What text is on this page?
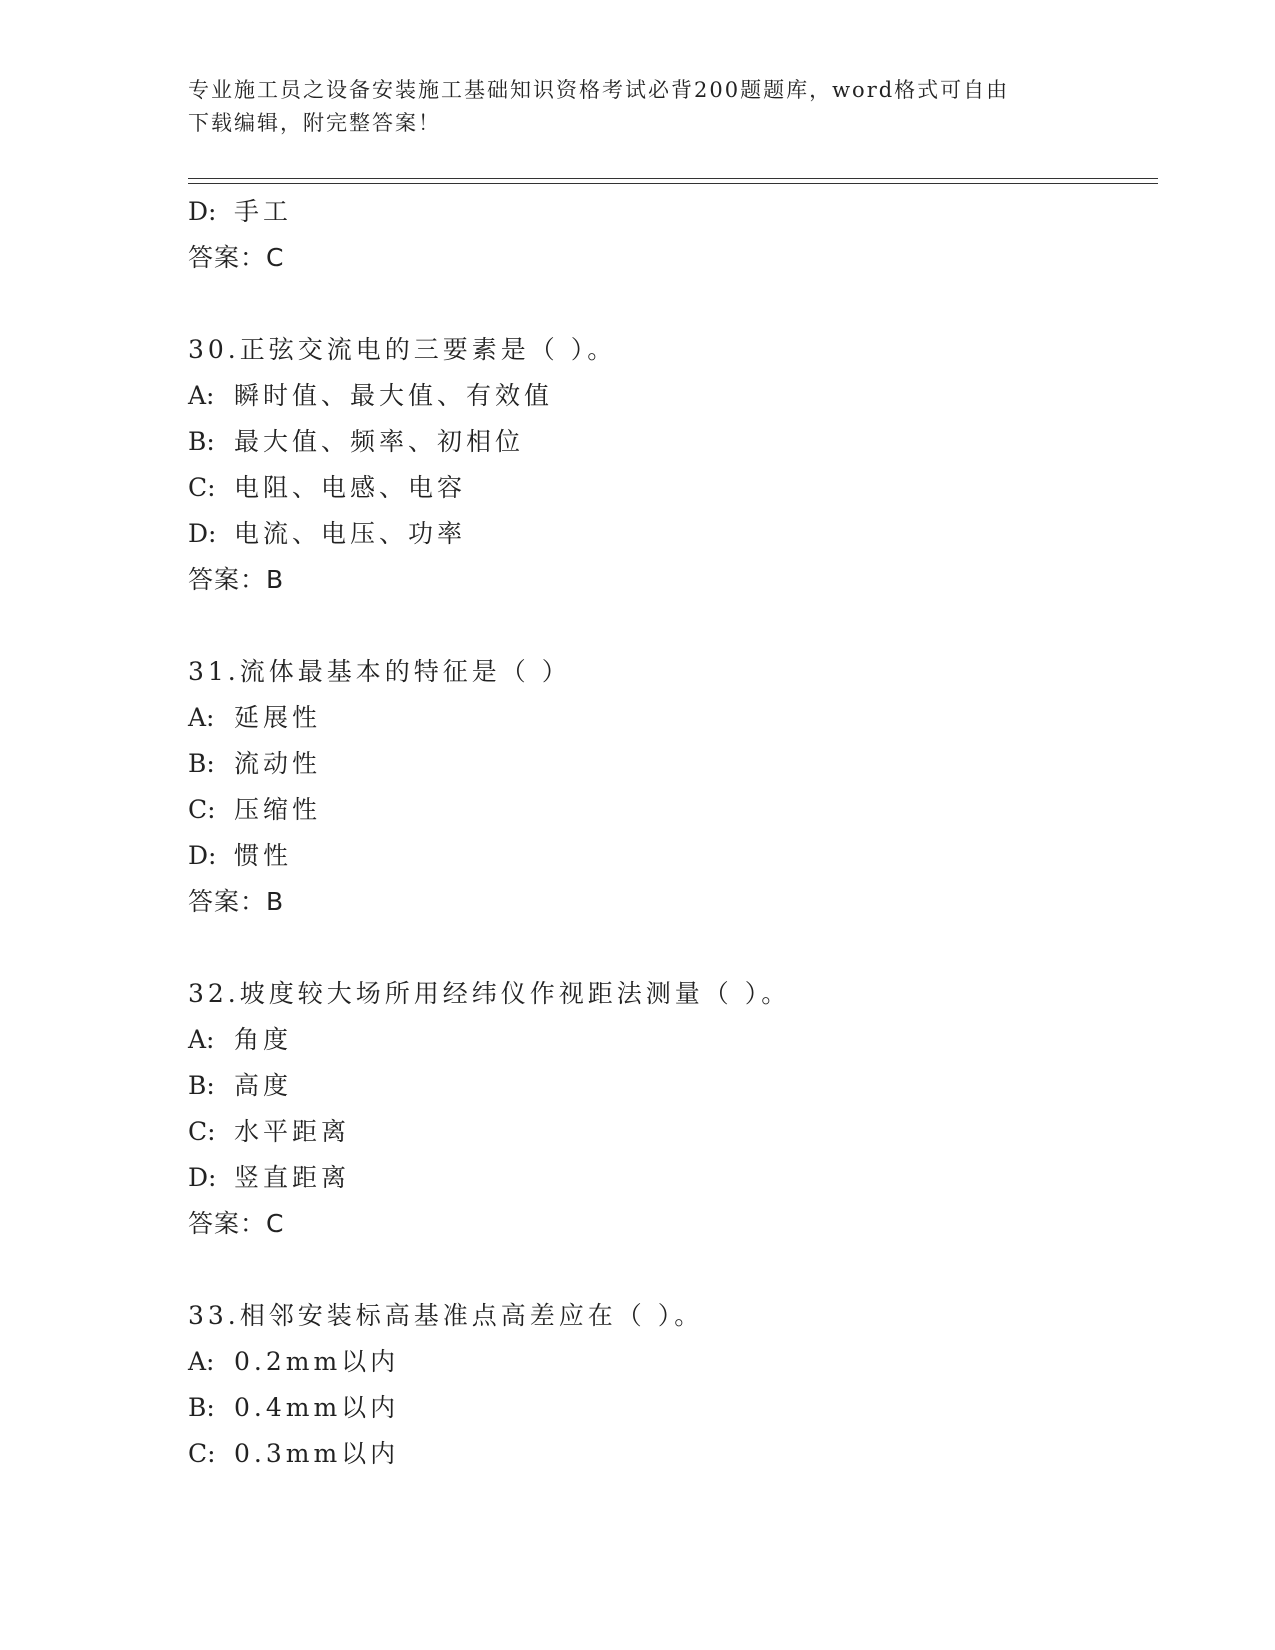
专业施工员之设备安装施工基础知识资格考试必背200题题库，word格式可自由
下载编辑，附完整答案！
D: 手工
答案：C
30.正弦交流电的三要素是（ ）。
A: 瞬时值、最大值、有效值
B: 最大值、频率、初相位
C: 电阻、电感、电容
D: 电流、电压、功率
答案：B
31.流体最基本的特征是（ ）
A: 延展性
B: 流动性
C: 压缩性
D: 惯性
答案：B
32.坡度较大场所用经纬仪作视距法测量（ ）。
A: 角度
B: 高度
C: 水平距离
D: 竖直距离
答案：C
33.相邻安装标高基准点高差应在（ ）。
A: 0.2mm以内
B: 0.4mm以内
C: 0.3mm以内
